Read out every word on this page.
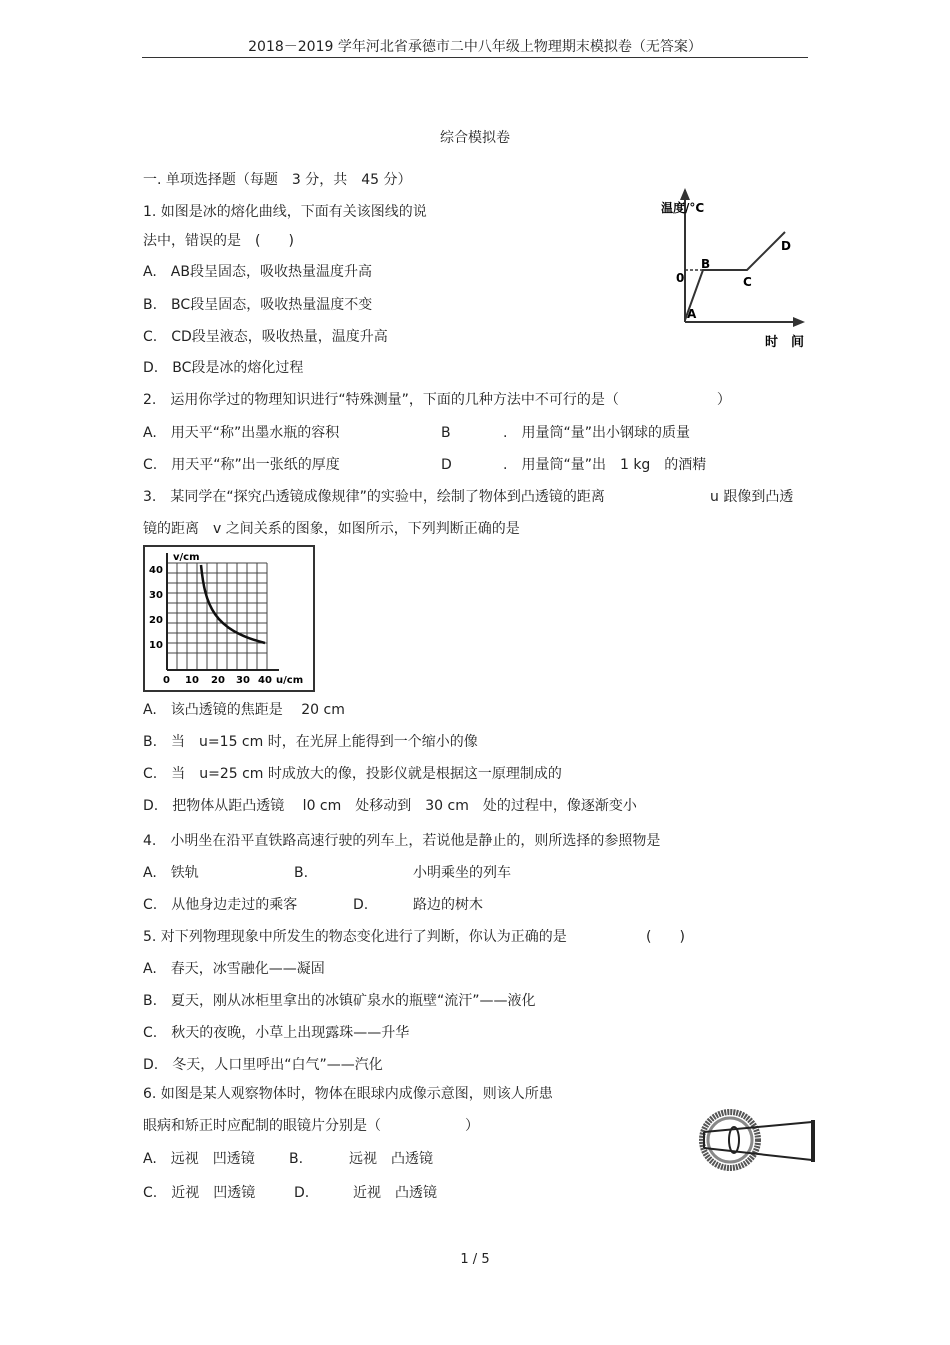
2018－2019 学年河北省承德市二中八年级上物理期末模拟卷（无答案）
综合模拟卷
一. 单项选择题（每题　3 分，共　45 分）
1. 如图是冰的熔化曲线，下面有关该图线的说
法中，错误的是　(　　)
A.　AB段呈固态，吸收热量温度升高
B.　BC段呈固态，吸收热量温度不变
C.　CD段呈液态，吸收热量，温度升高
D.　BC段是冰的熔化过程
温度/°C
0
A
B
C
D
时　间
2.　运用你学过的物理知识进行“特殊测量”，下面的几种方法中不可行的是（　　　　　　　）
A.　用天平“称”出墨水瓶的容积	B	.　用量筒“量”出小钢球的质量
C.　用天平“称”出一张纸的厚度	D	.　用量筒“量”出　1 kg　的酒精
3.　某同学在“探究凸透镜成像规律”的实验中，绘制了物体到凸透镜的距离	u 跟像到凸透
镜的距离　v 之间关系的图象，如图所示，下列判断正确的是
v/cm
40
30
20
10
0 10 20 30 40 u/cm
A.　该凸透镜的焦距是　 20 cm
B.　当　u=15 cm 时，在光屏上能得到一个缩小的像
C.　当　u=25 cm 时成放大的像，投影仪就是根据这一原理制成的
D.　把物体从距凸透镜　 l0 cm　处移动到　30 cm　处的过程中，像逐渐变小
4.　小明坐在沿平直铁路高速行驶的列车上，若说他是静止的，则所选择的参照物是
A.　铁轨	B.	小明乘坐的列车
C.　从他身边走过的乘客	D.	路边的树木
5. 对下列物理现象中所发生的物态变化进行了判断，你认为正确的是	(　　)
A.　春天，冰雪融化——凝固
B.　夏天，刚从冰柜里拿出的冰镇矿泉水的瓶壁“流汗”——液化
C.　秋天的夜晚，小草上出现露珠——升华
D.　冬天，人口里呼出“白气”——汽化
6. 如图是某人观察物体时，物体在眼球内成像示意图，则该人所患
眼病和矫正时应配制的眼镜片分别是（　　　　　　）
A.　远视　凹透镜 B.	远视　凸透镜
C.　近视　凹透镜	D.	近视　凸透镜
1 / 5
